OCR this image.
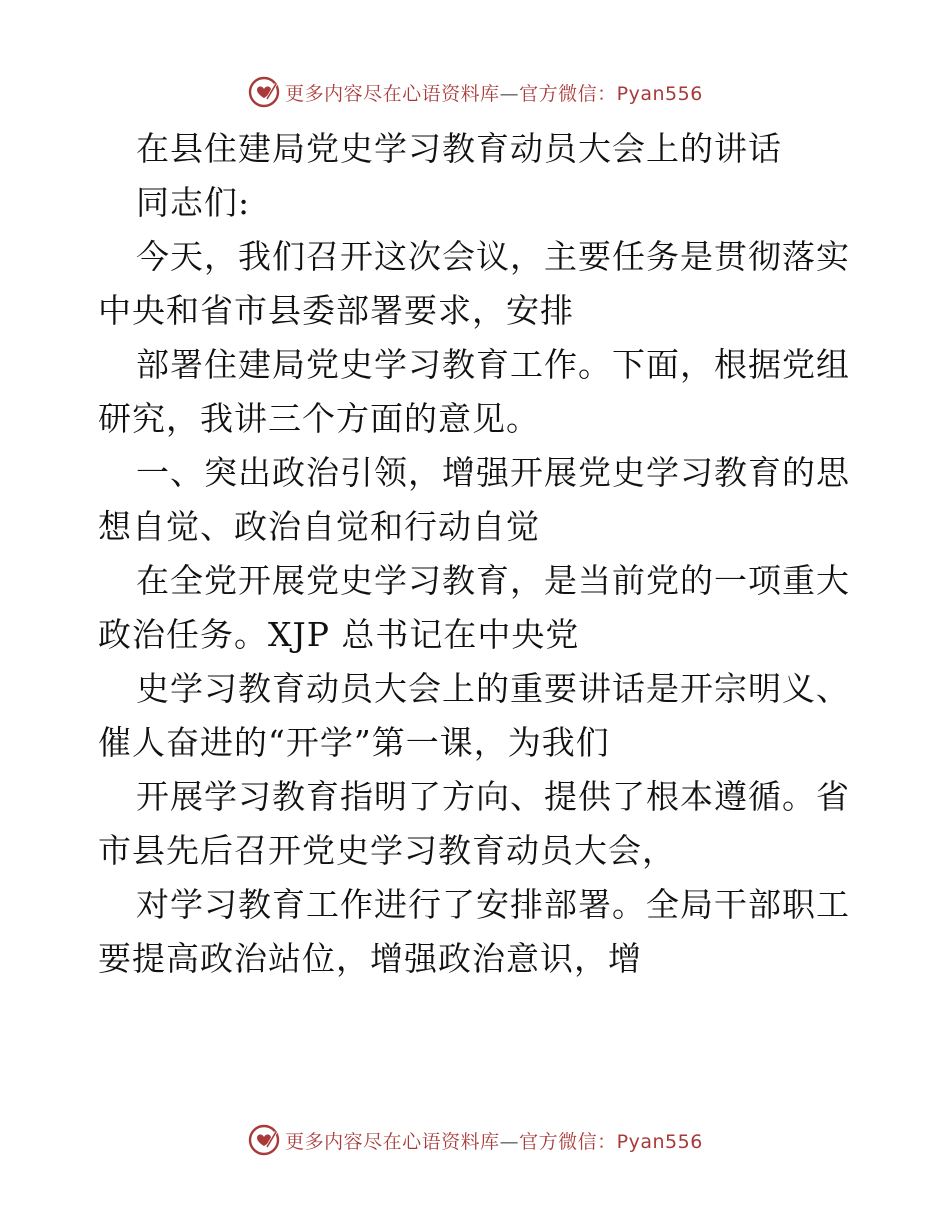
更多内容尽在心语资料库—官方微信：Pyan556
在县住建局党史学习教育动员大会上的讲话
同志们:
今天，我们召开这次会议，主要任务是贯彻落实
中央和省市县委部署要求，安排
部署住建局党史学习教育工作。下面，根据党组
研究，我讲三个方面的意见。
一、突出政治引领，增强开展党史学习教育的思
想自觉、政治自觉和行动自觉
在全党开展党史学习教育，是当前党的一项重大
政治任务。XJP 总书记在中央党
史学习教育动员大会上的重要讲话是开宗明义、
催人奋进的“开学”第一课，为我们
开展学习教育指明了方向、提供了根本遵循。省
市县先后召开党史学习教育动员大会，
对学习教育工作进行了安排部署。全局干部职工
要提高政治站位，增强政治意识，增
更多内容尽在心语资料库—官方微信：Pyan556
